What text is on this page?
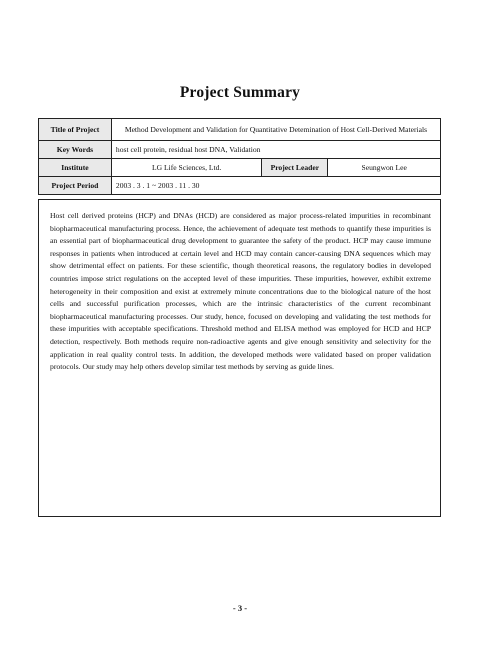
Project Summary
Title of Project	Method Development and Validation for Quantitative Detemination of Host Cell-Derived Materials		
Key Words	host cell protein, residual host DNA, Validation		
Institute	LG Life Sciences, Ltd.	Project Leader	Seungwon Lee
Project Period	2003 . 3 . 1 ~ 2003 . 11 . 30		

Host cell derived proteins (HCP) and DNAs (HCD) are considered as major process-related impurities in recombinant biopharmaceutical manufacturing process. Hence, the achievement of adequate test methods to quantify these impurities is an essential part of biopharmaceutical drug development to guarantee the safety of the product. HCP may cause immune responses in patients when introduced at certain level and HCD may contain cancer-causing DNA sequences which may show detrimental effect on patients. For these scientific, though theoretical reasons, the regulatory bodies in developed countries impose strict regulations on the accepted level of these impurities. These impurities, however, exhibit extreme heterogeneity in their composition and exist at extremely minute concentrations due to the biological nature of the host cells and successful purification processes, which are the intrinsic characteristics of the current recombinant biopharmaceutical manufacturing processes. Our study, hence, focused on developing and validating the test methods for these impurities with acceptable specifications. Threshold method and ELISA method was employed for HCD and HCP detection, respectively. Both methods require non-radioactive agents and give enough sensitivity and selectivity for the application in real quality control tests. In addition, the developed methods were validated based on proper validation protocols. Our study may help others develop similar test methods by serving as guide lines.

- 3 -
